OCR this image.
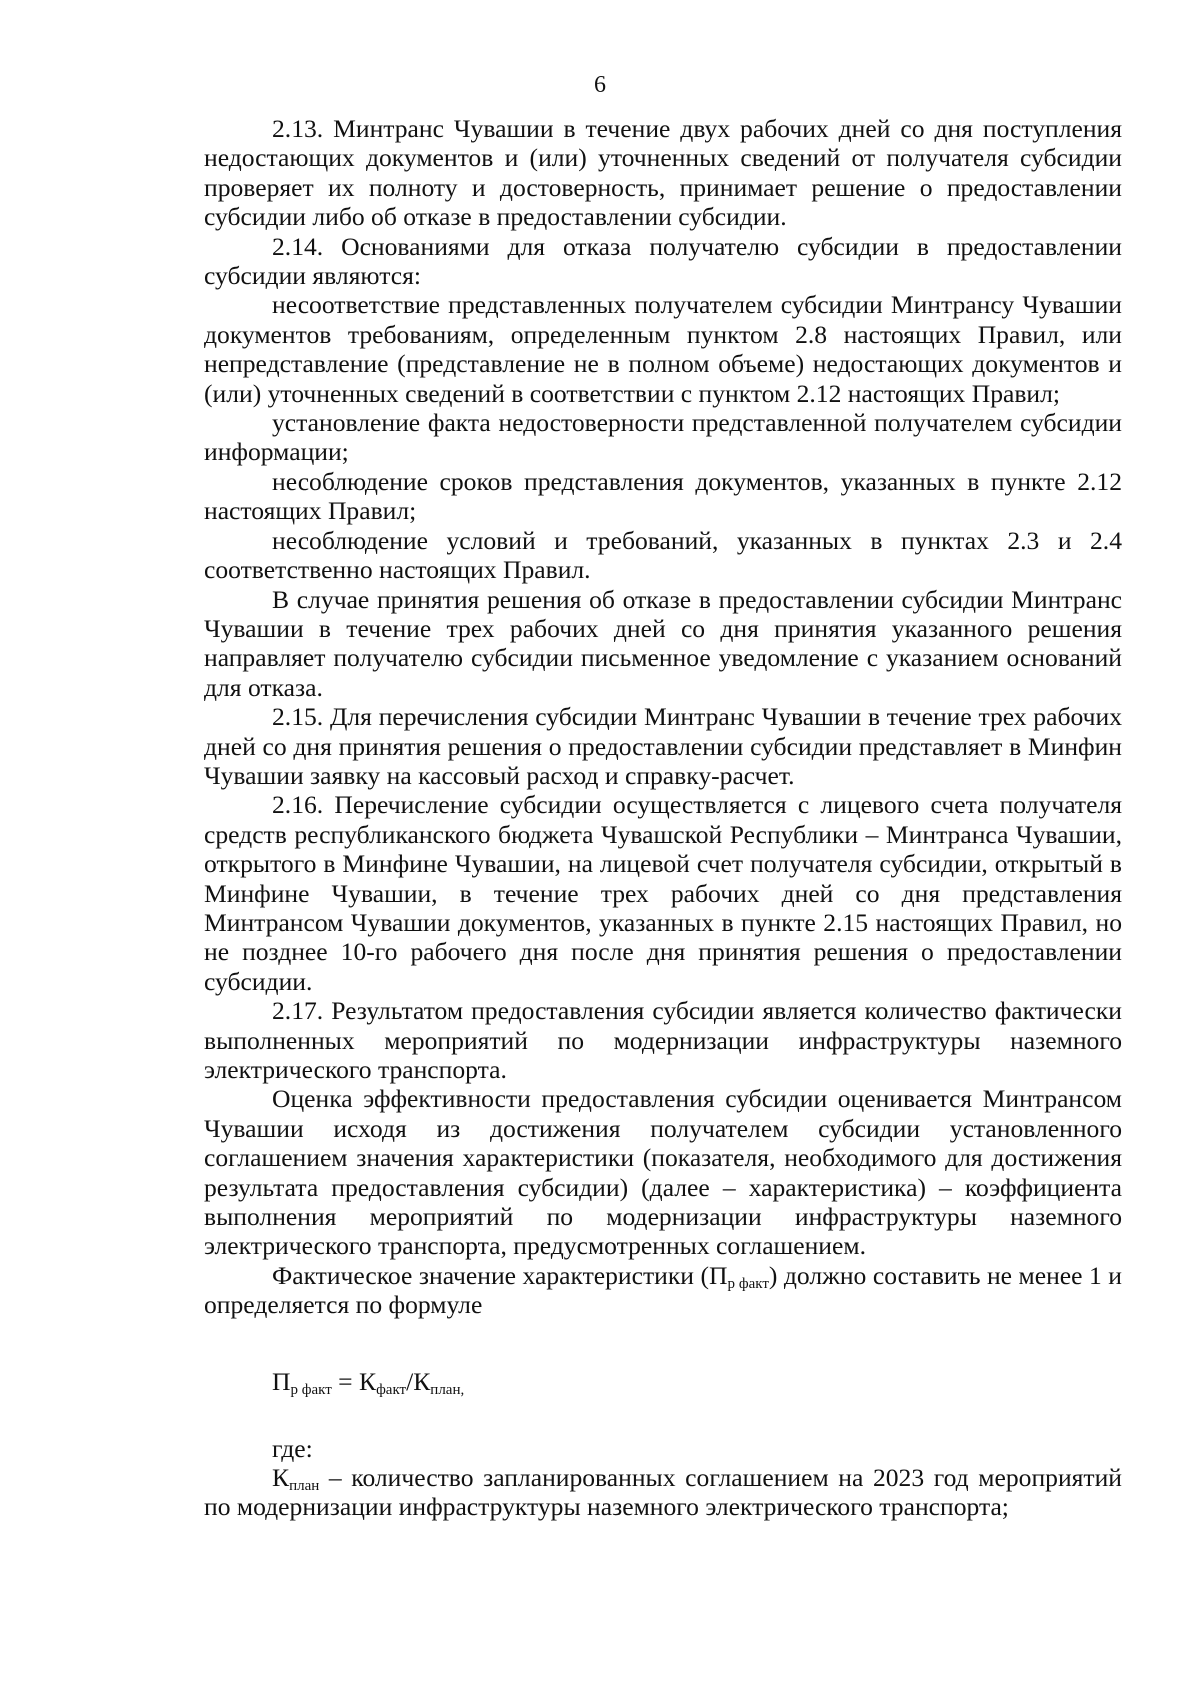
6

2.13. Минтранс Чувашии в течение двух рабочих дней со дня поступления недостающих документов и (или) уточненных сведений от получателя субсидии проверяет их полноту и достоверность, принимает решение о предоставлении субсидии либо об отказе в предоставлении субсидии.

2.14. Основаниями для отказа получателю субсидии в предоставлении субсидии являются:

несоответствие представленных получателем субсидии Минтрансу Чувашии документов требованиям, определенным пунктом 2.8 настоящих Правил, или непредставление (представление не в полном объеме) недостающих документов и (или) уточненных сведений в соответствии с пунктом 2.12 настоящих Правил;

установление факта недостоверности представленной получателем субсидии информации;

несоблюдение сроков представления документов, указанных в пункте 2.12 настоящих Правил;

несоблюдение условий и требований, указанных в пунктах 2.3 и 2.4 соответственно настоящих Правил.

В случае принятия решения об отказе в предоставлении субсидии Минтранс Чувашии в течение трех рабочих дней со дня принятия указанного решения направляет получателю субсидии письменное уведомление с указанием оснований для отказа.

2.15. Для перечисления субсидии Минтранс Чувашии в течение трех рабочих дней со дня принятия решения о предоставлении субсидии представляет в Минфин Чувашии заявку на кассовый расход и справку-расчет.

2.16. Перечисление субсидии осуществляется с лицевого счета получателя средств республиканского бюджета Чувашской Республики – Минтранса Чувашии, открытого в Минфине Чувашии, на лицевой счет получателя субсидии, открытый в Минфине Чувашии, в течение трех рабочих дней со дня представления Минтрансом Чувашии документов, указанных в пункте 2.15 настоящих Правил, но не позднее 10-го рабочего дня после дня принятия решения о предоставлении субсидии.

2.17. Результатом предоставления субсидии является количество фактически выполненных мероприятий по модернизации инфраструктуры наземного электрического транспорта.

Оценка эффективности предоставления субсидии оценивается Минтрансом Чувашии исходя из достижения получателем субсидии установленного соглашением значения характеристики (показателя, необходимого для достижения результата предоставления субсидии) (далее – характеристика) – коэффициента выполнения мероприятий по модернизации инфраструктуры наземного электрического транспорта, предусмотренных соглашением.

Фактическое значение характеристики $(П_{р факт})$ должно составить не менее 1 и определяется по формуле

$П_{р факт} = К_{факт}/К_{план,}$

где:

$К_{план}$ – количество запланированных соглашением на 2023 год мероприятий по модернизации инфраструктуры наземного электрического транспорта;
